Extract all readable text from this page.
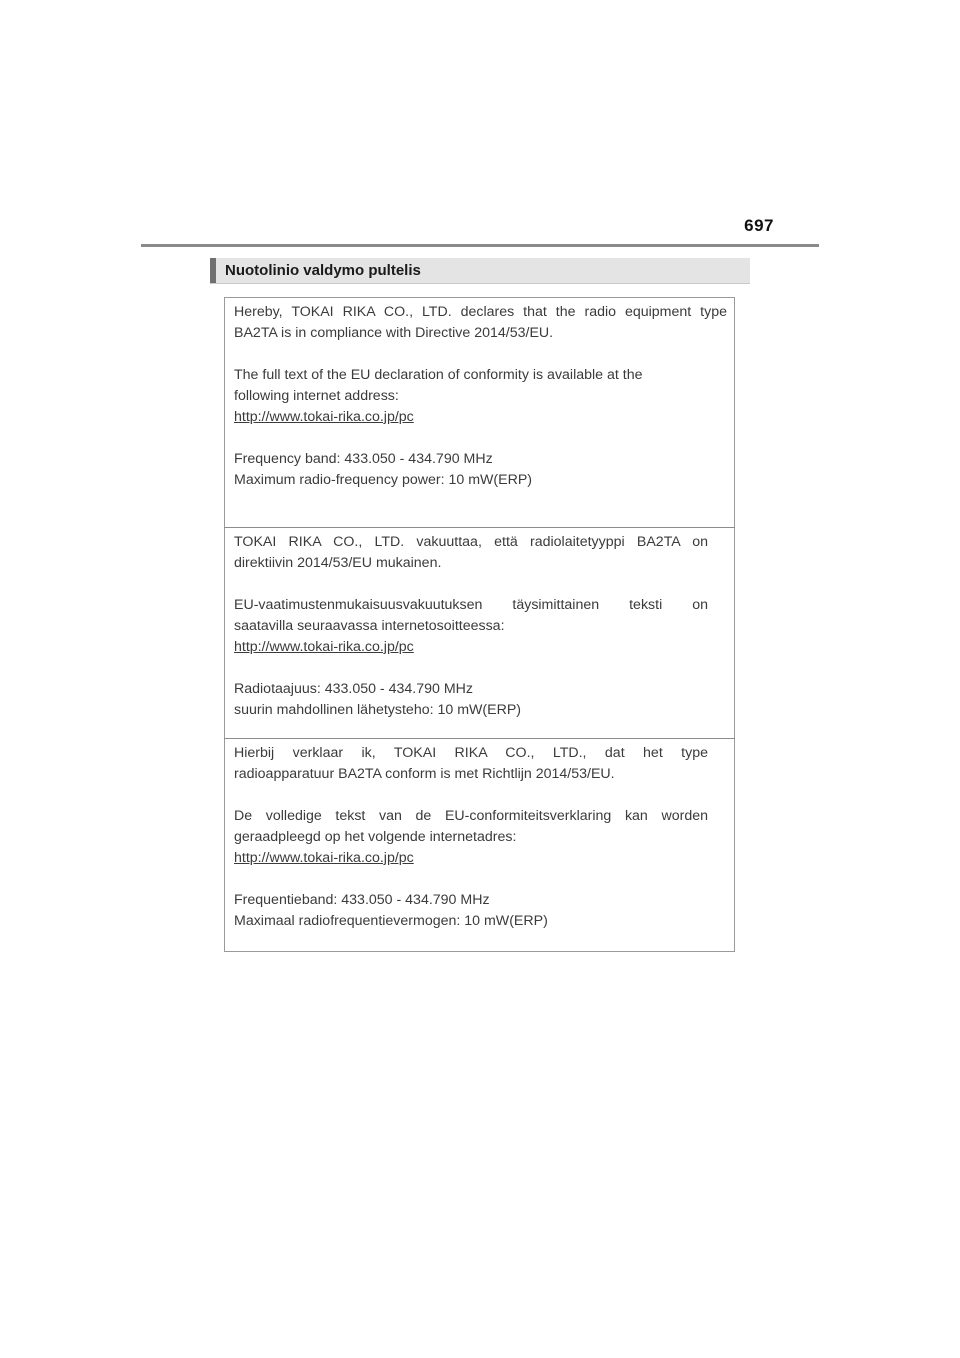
697
Nuotolinio valdymo pultelis

Hereby, TOKAI RIKA CO., LTD. declares that the radio equipment type

BA2TA is in compliance with Directive 2014/53/EU.

The full text of the EU declaration of conformity is available at the

following internet address:

http://www.tokai-rika.co.jp/pc

Frequency band: 433.050 - 434.790 MHz

Maximum radio-frequency power: 10 mW(ERP)

TOKAI RIKA CO., LTD. vakuuttaa, että radiolaitetyyppi BA2TA on

direktiivin 2014/53/EU mukainen.

EU-vaatimustenmukaisuusvakuutuksen täysimittainen teksti on

saatavilla seuraavassa internetosoitteessa:

http://www.tokai-rika.co.jp/pc

Radiotaajuus: 433.050 - 434.790 MHz

suurin mahdollinen lähetysteho: 10 mW(ERP)

Hierbij verklaar ik, TOKAI RIKA CO., LTD., dat het type

radioapparatuur BA2TA conform is met Richtlijn 2014/53/EU.

De volledige tekst van de EU-conformiteitsverklaring kan worden

geraadpleegd op het volgende internetadres:

http://www.tokai-rika.co.jp/pc

Frequentieband: 433.050 - 434.790 MHz

Maximaal radiofrequentievermogen: 10 mW(ERP)
